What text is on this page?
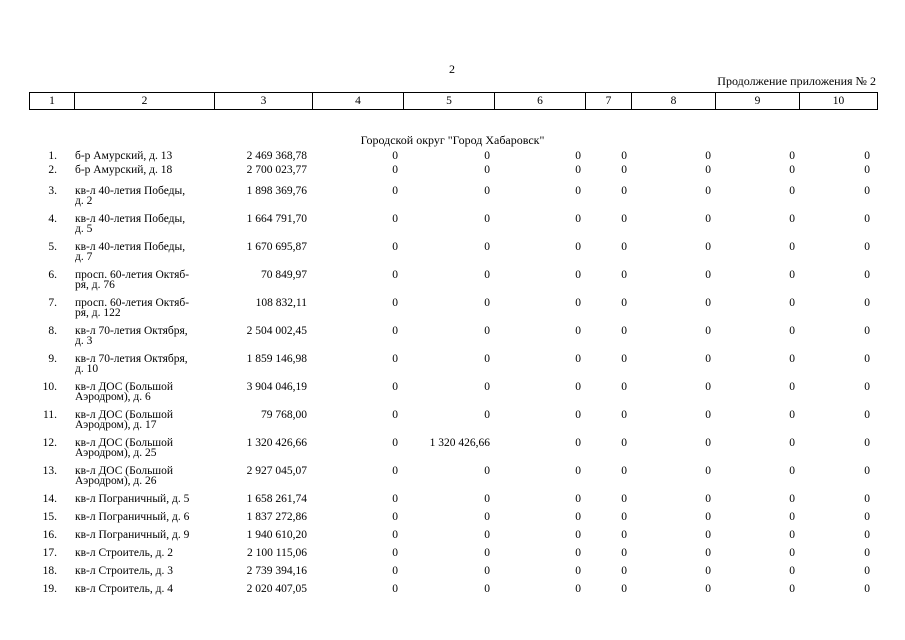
2
Продолжение приложения № 2
1	2	3	4	5	6	7	8	9	10
Городской округ "Город Хабаровск"
1. б-р Амурский, д. 13	2 469 368,78	0	0	0	0	0	0	0
2. б-р Амурский, д. 18	2 700 023,77	0	0	0	0	0	0	0
3. кв-л 40-летия Победы,
д. 2
1 898 369,76	0	0	0	0	0	0	0
4. кв-л 40-летия Победы,
д. 5
1 664 791,70	0	0	0	0	0	0	0
5. кв-л 40-летия Победы,
д. 7
1 670 695,87	0	0	0	0	0	0	0
6. просп. 60-летия Октяб-
ря, д. 76
70 849,97	0	0	0	0	0	0	0
7. просп. 60-летия Октяб-
ря, д. 122
108 832,11	0	0	0	0	0	0	0
8. кв-л 70-летия Октября,
д. 3
2 504 002,45	0	0	0	0	0	0	0
9. кв-л 70-летия Октября,
д. 10
1 859 146,98	0	0	0	0	0	0	0
10. кв-л ДОС (Большой
Аэродром), д. 6
3 904 046,19	0	0	0	0	0	0	0
11. кв-л ДОС (Большой
Аэродром), д. 17
79 768,00	0	0	0	0	0	0	0
12. кв-л ДОС (Большой
Аэродром), д. 25
1 320 426,66	0	1 320 426,66	0	0	0	0	0
13. кв-л ДОС (Большой
Аэродром), д. 26
2 927 045,07	0	0	0	0	0	0	0
14. кв-л Пограничный, д. 5	1 658 261,74	0	0	0	0	0	0	0
15. кв-л Пограничный, д. 6	1 837 272,86	0	0	0	0	0	0	0
16. кв-л Пограничный, д. 9	1 940 610,20	0	0	0	0	0	0	0
17. кв-л Строитель, д. 2	2 100 115,06	0	0	0	0	0	0	0
18. кв-л Строитель, д. 3	2 739 394,16	0	0	0	0	0	0	0
19. кв-л Строитель, д. 4	2 020 407,05	0	0	0	0	0	0	0
